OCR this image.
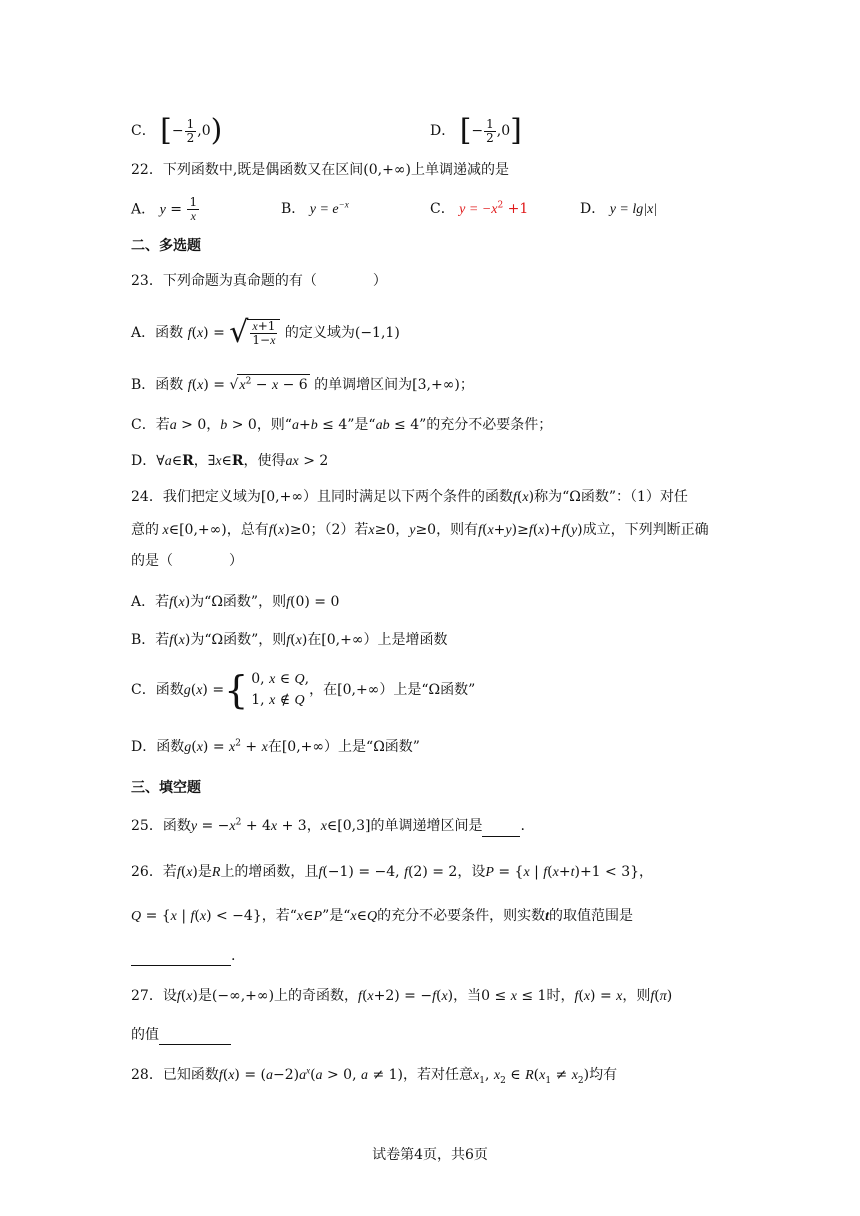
C． [− $\frac{1}{2} ,0$)	D． [− $\frac{1}{2} ,0$]
22．下列函数中,既是偶函数又在区间(0,+∞)上单调递减的是
A． $y = \frac{1}{x}$	B． $y = e^{-x}$	C． $y = -x^2 +1$	D． y = lg|x|
二、多选题
23．下列命题为真命题的有（　　　　）
A．函数 f(x) = √ $\frac{x+1}{1-x}$ 的定义域为(−1,1)
B．函数 $f(x) = √x^2 - x - 6$ 的单调增区间为[3,+∞)；
C．若a > 0，b > 0，则“a+b ≤ 4”是“ab ≤ 4”的充分不必要条件；
D．∀a∈R，∃x∈R，使得ax > 2
24．我们把定义域为[0,+∞）且同时满足以下两个条件的函数f(x)称为“Ω函数”：（1）对任
意的 x∈[0,+∞)，总有f(x)≥0；（2）若x≥0，y≥0，则有f(x+y)≥f(x)+f(y)成立，下列判断正确
的是（　　　　）
A．若f(x)为“Ω函数”，则f(0) = 0
B．若f(x)为“Ω函数”，则f(x)在[0,+∞）上是增函数
C．函数g(x) ={ 0, x ∈ Q,
1, x ∉ Q，在[0,+∞）上是“Ω函数”
D．函数$g(x) = x^2 + x$在[0,+∞）上是“Ω函数”
三、填空题
25．函数$y = -x^2 + 4x + 3$，x∈[0,3]的单调递增区间是	.
26．若f(x)是R上的增函数，且f(−1) = −4, f(2) = 2，设P = {x | f(x+t)+1 < 3}，
Q = {x | f(x) < −4}，若“x∈P”是“x∈Q的充分不必要条件，则实数t的取值范围是
.
27．设f(x)是(−∞,+∞)上的奇函数，f(x+2) = −f(x)，当0 ≤ x ≤ 1时，f(x) = x，则f(π)
的值
28．已知函数$f(x) = (a-2)a^x(a > 0$, a ≠ 1)，若对任意$x_1$, $x_2$ ∈ $R(x_1 \ne x_2)$均有
试卷第4页，共6页
